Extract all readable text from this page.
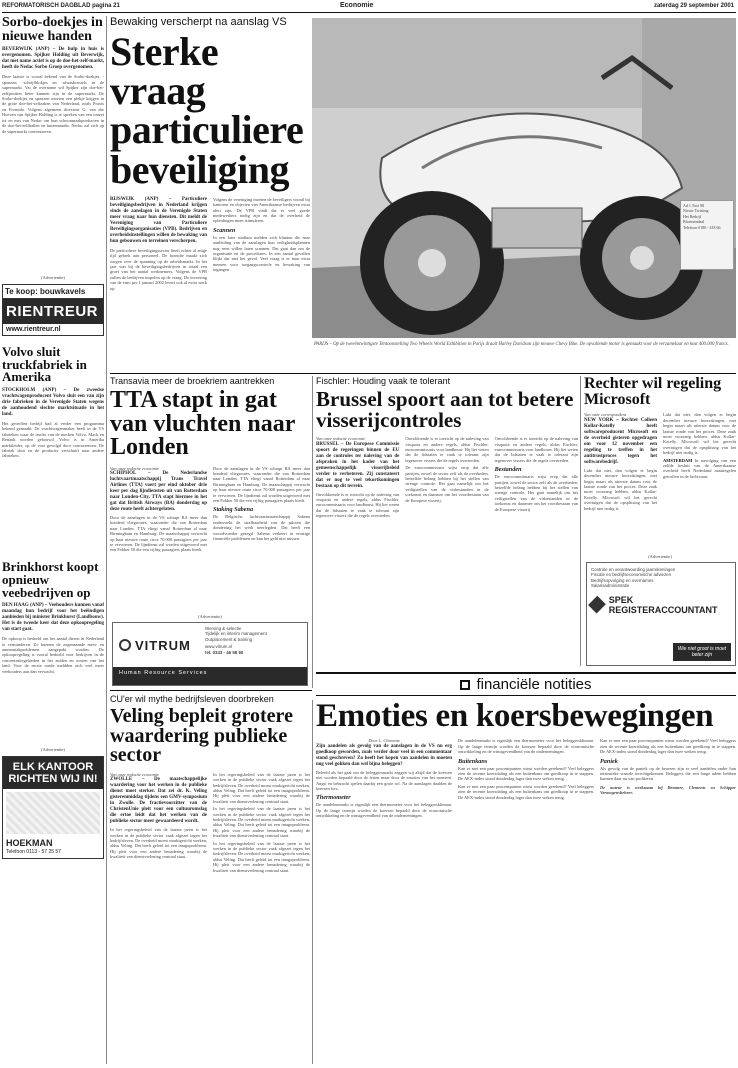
REFORMATORISCH DAGBLAD pagina 21	Economie	zaterdag 29 september 2001
Sorbo-doekjes in nieuwe handen
BEVERWIJK (ANP) – De hulp in huis is overgenomen. Spijker Holding uit Beverwijk, dat met name actief is op de doe-het-zelf-markt, heeft de Nedac Sorbo Groep overgenomen.
Deze laatste is vooral bekend van de Sorbo-doekjes, -sponzen, -schrijfblokjes en -afwasborstels in de supermarkt. Vai de overname wil Spijker zijn doe-het-zelfposities beter kunnen zijn in de supermarkt. De Sorbo-doekjes en sponzen moeten een plekje krijgen in de grote doe-het-zelfzaken van Nederland, zoals Praxis en Formido. Volgens algemeen directeur G. van der Hoeven van Spijker Holding is te spreken van een omzet tot en met van Nedac om hun schoonmaakproducten in de doe-het-zelfhallen en huizenmarkt. Nedac zal zich op de supermarkt concentreren.
(Advertentie)
Te koop: bouwkavels
RIENTREUR
www.rientreur.nl
Volvo sluit truckfabriek in Amerika
STOCKHOLM (ANP) – De zweedse vrachtwagenproducent Volvo sluit een van zijn drie fabrieken in de Verenigde Staten wegens de aanhoudend slechte marktsituatie in het land.
Het getroffen bedrijf had al eerder een programma bekend gemaakt. De vrachtwagenmaker heeft in de VS fabrieken waar de trucks van de merken Volvo, Mack en Renault worden gebouwd. Volvo is in Amerika marktleider, op de voet gevolgd door concurrenten. De fabriek sluit en de productie verschuift naar andere fabrieken.
Brinkhorst koopt opnieuw veebedrijven op
DEN HAAG (ANP) – Veehouders kunnen vanaf maandag hun bedrijf voor het beëindigen aanbieden bij minister Brinkhorst (Landbouw). Het is de tweede keer dat deze opkoopregeling van start gaat.
De opkoop is bedoeld om het aantal dieren in Nederland te verminderen. Zo kunnen de zogenaamde mest- en ammoniakproblemen aangepakt worden. De opkoopregeling is vooral bedoeld voor bedrijven in de concentratiegebieden in het zuiden en oosten van het land. Voor de eerste ronde meldden zich veel meer veehouders aan dan verwacht.
(Advertentie)
ELK KANTOOR RICHTEN WIJ IN!
HOEKMAN
Telefoon 0113 - 57 25 57
Bewaking verscherpt na aanslag VS
Sterke vraag particuliere beveiliging
RIJSWIJK (ANP) – Particuliere beveiligingsbedrijven in Nederland krijgen sinds de aanslagen in de Verenigde Staten meer vraag naar hun diensten. Dit meldt de Vereniging van Particuliere Beveiligingsorganisaties (VPB). Bedrijven en overheidsinstellingen willen de bewaking van hun gebouwen en terreinen verscherpen.
De particuliere beveiligingssector heeft echter al enige tijd gebrek aan personeel. De branche maakt zich zorgen over de spanning op de arbeidsmarkt. In het jaar was bij de beveiligingsbedrijven in totaal een groei van het aantal werknemers. Volgens de VPB zullen de bedrijven inspelen op de vraag. De invoering van de euro per 1 januari 2002 levert ook al extra werk op.
Volgens de vereniging moeten de beveiligers vooral bij kantoren en objecten van Amerikaanse bedrijven extra alert zijn. De VPB vindt dat er veel goede medewerkers nodig zijn en dat de overheid de opleidingen moet stimuleren.
Scannen
In een later stadium melden zich klanten die naar aanleiding van de aanslagen hun veiligheidsplannen nog eens willen laten scannen. Dat gaat dan om de organisatie en de procedures. In een aantal gevallen blijkt dat niet het geval. Veel vraag is er naar extra mensen voor toegangscontrole en bewaking van ingangen.
PARIJS – Op de tweeëntwintigste Tentoonstelling Two Wheels World Exhibition in Parijs draait Harley Davidson zijn nieuwe Chevy Bike. De opvallende motor is gemaakt voor de verzamelaar en kost 400.000 francs.
Ad.1.Taxi 98
Nieuw Twisting
Het Bedrijf
Bloemendaal
Telefoon 0180 - 418 66
Transavia meer de broekriem aantrekken
TTA stapt in gat van vluchten naar Londen
Van onze redactie economie
SCHIPHOL – De Nederlandse luchtvaartmaatschappij Trans Travel Airlines (TTA) voert per eind oktober drie keer per dag lijndiensten uit van Rotterdam naar Londen-City. TTA stapt hiermee in het gat dat British Airways (BA) donderdag op deze route heeft achtergelaten.
Door de aanslagen in de VS schrapt BA meer dan honderd vliegroutes, waaronder die van Rotterdam naar Londen. TTA vliegt vanaf Rotterdam al naar Birmingham en Hamburg. De maatschappij verwacht op haar nieuwe route circa 70.000 passagiers per jaar te vervoeren. De lijndienst zal worden uitgevoerd met een Fokker 50 die een vijftig passagiers plaats biedt.
Door de aanslagen in de VS schrapt BA meer dan honderd vliegroutes, waaronder die van Rotterdam naar Londen. TTA vliegt vanaf Rotterdam al naar Birmingham en Hamburg. De maatschappij verwacht op haar nieuwe route circa 70.000 passagiers per jaar te vervoeren. De lijndienst zal worden uitgevoerd met een Fokker 50 die een vijftig passagiers plaats biedt.
Staking Sabena
De Belgische luchtvaartmaatschappij Sabena onderzoekt de strafbaarheid van de piloten die donderdag het werk neerlegden. Dat heeft een woordvoerder gezegd. Sabena verkeert in ernstige financiële problemen en kan het geld niet missen.
(Advertentie)
VITRUM
Werving & selectie
Tijdelijk en interim management
Outplacement & training
www.vitrum.nl
tel. 0343 - 46 58 60
Human Resource Services
Fischler: Houding vaak te tolerant
Brussel spoort aan tot betere visserijcontroles
Van onze redactie economie
BRUSSEL – De Europese Commissie spoort de regeringen binnen de EU aan de controles ter naleving van de afspraken in het kader van het gemeenschappelijk visserijbeleid verder te verbeteren. Zij constateert dat er nog te veel tekortkomingen bestaan op dit terrein.
Onvoldoende is er toezicht op de naleving van visquota en andere regels, aldus Fischler, eurocommissaris voor landbouw. Hij liet weten dat de lidstaten te vaak te tolerant zijn tegenover vissers die de regels overtreden.
Onvoldoende is er toezicht op de naleving van visquota en andere regels, aldus Fischler, eurocommissaris voor landbouw. Hij liet weten dat de lidstaten te vaak te tolerant zijn tegenover vissers die de regels overtreden.
De eurocommissaris wijst erop dat alle partijen, zowel de sector zelf als de overheden, hetzelfde belang hebben bij het stellen van strenge controle. Het gaat namelijk om het veiligstellen van de visbestanden in de toekomst en daarmee om het voortbestaan van de Europese visserij.
Onvoldoende is er toezicht op de naleving van visquota en andere regels, aldus Fischler, eurocommissaris voor landbouw. Hij liet weten dat de lidstaten te vaak te tolerant zijn tegenover vissers die de regels overtreden.
Bestanden
De eurocommissaris wijst erop dat alle partijen, zowel de sector zelf als de overheden, hetzelfde belang hebben bij het stellen van strenge controle. Het gaat namelijk om het veiligstellen van de visbestanden in de toekomst en daarmee om het voortbestaan van de Europese visserij.
Rechter wil regeling Microsoft
Van onze correspondent
NEW YORK – Rechter Colleen Kollar-Kotelly heeft softwareproducent Microsoft en de overheid gisteren opgedragen om voor 12 november een regeling te treffen in het antitrustproces tegen het softwarebedrijf.
Lukt dat niet, dan volgen er begin december nieuwe hoorzittingen, met begin maart als uiterste datum voor de laatste ronde van het proces. Deze zaak moet voorrang hebben, aldus Kollar-Kotelly. Microsoft wil het gerecht overtuigen dat de opsplitsing van het bedrijf niet nodig is.
Lukt dat niet, dan volgen er begin december nieuwe hoorzittingen, met begin maart als uiterste datum voor de laatste ronde van het proces. Deze zaak moet voorrang hebben, aldus Kollar-Kotelly. Microsoft wil het gerecht overtuigen dat de opsplitsing van het bedrijf niet nodig is.
AMSTERDAM In navolging van een zelfde besluit van de Amerikaanse overheid heeft Nederland maatregelen getroffen in de luchtvaart.
(Advertentie)
Controle en verantwoording jaarrekeningen
Fiscale en bedrijfseconomische adviezen
Bedrijfsopvolging en overnames
Salarisadministratie
SPEK REGISTERACCOUNTANT
Wie niet groot is moet beter zijn
financiële notities
CU'er wil mythe bedrijfsleven doorbreken
Veling bepleit grotere waardering publieke sector
Van onze redactie economie
ZWOLLE – De maatschappelijke waardering voor het werken in de publieke dienst moet sterker. Dat zei dr. K. Veling gisterenmiddag tijdens een GMV-symposium in Zwolle. De fractievoorzitter van de ChristenUnie pleit voor een cultuuromslag die ertoe leidt dat het werken van de publieke sector meer gewaardeerd wordt.
In het regeringsbeleid van de laatste jaren is het werken in de publieke sector vaak afgezet tegen het bedrijfsleven. De overheid moest marktgericht werken, aldus Veling. Dat heeft geleid tot een imagoprobleem. Hij pleit voor een andere benadering waarbij de kwaliteit van dienstverlening centraal staat.
In het regeringsbeleid van de laatste jaren is het werken in de publieke sector vaak afgezet tegen het bedrijfsleven. De overheid moest marktgericht werken, aldus Veling. Dat heeft geleid tot een imagoprobleem. Hij pleit voor een andere benadering waarbij de kwaliteit van dienstverlening centraal staat.
In het regeringsbeleid van de laatste jaren is het werken in de publieke sector vaak afgezet tegen het bedrijfsleven. De overheid moest marktgericht werken, aldus Veling. Dat heeft geleid tot een imagoprobleem. Hij pleit voor een andere benadering waarbij de kwaliteit van dienstverlening centraal staat.
In het regeringsbeleid van de laatste jaren is het werken in de publieke sector vaak afgezet tegen het bedrijfsleven. De overheid moest marktgericht werken, aldus Veling. Dat heeft geleid tot een imagoprobleem. Hij pleit voor een andere benadering waarbij de kwaliteit van dienstverlening centraal staat.
Emoties en koersbewegingen
Door L. Clements
Zijn aandelen als gevolg van de aanslagen in de VS nu erg goedkoop geworden, zoals verder door veel in een commentaar stond geschreven? Zo heeft het kopen van aandelen in moeten nog veel gokken dan wel bijna beleggen?
Beleefd als het gaat om de beleggersmarkt zeggen wij altijd dat de koersen niet worden bepaald door de feiten maar door de emoties van het moment. Angst en hebzucht spelen daarbij een grote rol. Na de aanslagen daalden de koersen fors.
Thermometer
De aandelenmarkt is eigenlijk een thermometer voor het beleggersklimaat. Op de lange termijn worden de koersen bepaald door de economische ontwikkeling en de winstgevendheid van de ondernemingen.
De aandelenmarkt is eigenlijk een thermometer voor het beleggersklimaat. Op de lange termijn worden de koersen bepaald door de economische ontwikkeling en de winstgevendheid van de ondernemingen.
Buitenkans
Kan er met een paar procentpunten winst worden gerekend? Veel beleggers zien de recente koersdaling als een buitenkans om goedkoop in te stappen. De AEX-index stond donderdag lager dan twee weken terug.
Kan er met een paar procentpunten winst worden gerekend? Veel beleggers zien de recente koersdaling als een buitenkans om goedkoop in te stappen. De AEX-index stond donderdag lager dan twee weken terug.
Kan er met een paar procentpunten winst worden gerekend? Veel beleggers zien de recente koersdaling als een buitenkans om goedkoop in te stappen. De AEX-index stond donderdag lager dan twee weken terug.
Paniek
Als gevolg van de paniek op de beurzen zijn er veel aandelen onder hun intrinsieke waarde terechtgekomen. Beleggers die een lange adem hebben kunnen daar nu van profiteren.
De auteur is werkzaam bij Bemmer, Clements en Schipper Vermogensbeheer.
